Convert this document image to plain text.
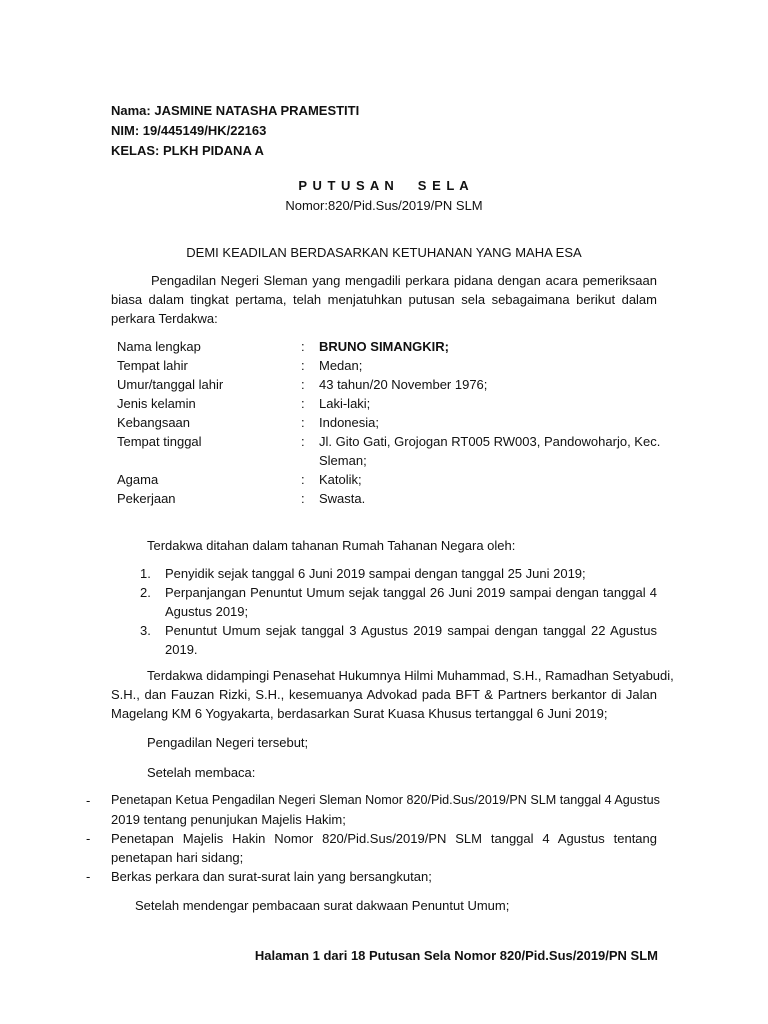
Nama: JASMINE NATASHA PRAMESTITI
NIM: 19/445149/HK/22163
KELAS: PLKH PIDANA A
P U T U S A N     S E L A
Nomor:820/Pid.Sus/2019/PN SLM
DEMI KEADILAN BERDASARKAN KETUHANAN YANG MAHA ESA
Pengadilan Negeri Sleman yang mengadili perkara pidana dengan acara pemeriksaan
biasa dalam tingkat pertama, telah menjatuhkan putusan sela sebagaimana berikut dalam
perkara Terdakwa:
Nama lengkap	: BRUNO SIMANGKIR;
Tempat lahir	: Medan;
Umur/tanggal lahir	: 43 tahun/20 November 1976;
Jenis kelamin	: Laki-laki;
Kebangsaan	: Indonesia;
Tempat tinggal	: Jl. Gito Gati, Grojogan RT005 RW003, Pandowoharjo, Kec.
Sleman;
Agama	: Katolik;
Pekerjaan	: Swasta.
Terdakwa ditahan dalam tahanan Rumah Tahanan Negara oleh:
1. Penyidik sejak tanggal 6 Juni 2019 sampai dengan tanggal 25 Juni 2019;
2. Perpanjangan Penuntut Umum sejak tanggal 26 Juni 2019 sampai dengan tanggal 4
Agustus 2019;
3. Penuntut Umum sejak tanggal 3 Agustus 2019 sampai dengan tanggal 22 Agustus
2019.
Terdakwa didampingi Penasehat Hukumnya Hilmi Muhammad, S.H., Ramadhan Setyabudi,
S.H., dan Fauzan Rizki, S.H., kesemuanya Advokad pada BFT & Partners berkantor di Jalan
Magelang KM 6 Yogyakarta, berdasarkan Surat Kuasa Khusus tertanggal 6 Juni 2019;
Pengadilan Negeri tersebut;
Setelah membaca:
- Penetapan Ketua Pengadilan Negeri Sleman Nomor 820/Pid.Sus/2019/PN SLM tanggal 4 Agustus
2019 tentang penunjukan Majelis Hakim;
- Penetapan Majelis Hakin Nomor 820/Pid.Sus/2019/PN SLM tanggal 4 Agustus tentang
penetapan hari sidang;
- Berkas perkara dan surat-surat lain yang bersangkutan;
Setelah mendengar pembacaan surat dakwaan Penuntut Umum;
Halaman 1 dari 18 Putusan Sela Nomor 820/Pid.Sus/2019/PN SLM
